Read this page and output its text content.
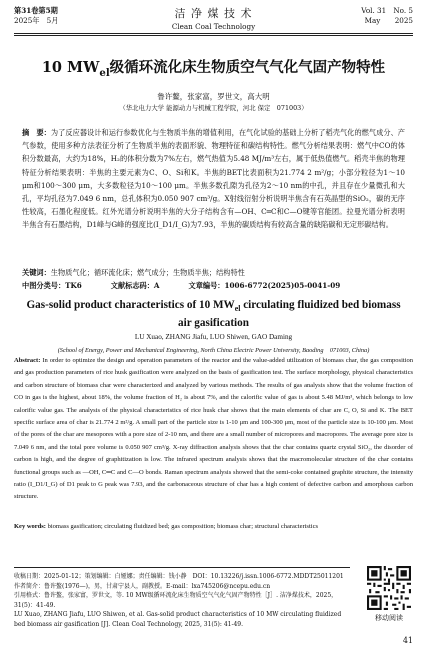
第31卷第5期
2025年　5月
洁 净 煤 技 术
Clean Coal Technology
Vol. 31　No. 5
May　　2025
10 $MW_{el}$级循环流化床生物质空气气化气固产物特性
鲁许鳌，张家富，罗世文，高大明
（华北电力大学 能源动力与机械工程学院，河北 保定　071003）
摘　要：为了反应器设计和运行参数优化与生物质半焦的增值利用，在气化试验的基础上分析了稻壳气化的燃气成分、产气参数，使用多种方法表征分析了生物质半焦的表面形貌、物理特征和碳结构特性。燃气分析结果表明：燃气中CO的体积分数最高，大约为18%，H₂的体积分数为7%左右，燃气热值为5.48 MJ/m³左右，属于低热值燃气。稻壳半焦的物理特征分析结果表明：半焦的主要元素为C、O、Si和K。半焦的BET比表面积为21.774 2 m²/g；小部分粒径为1～10 μm和100～300 μm，大多数粒径为10～100 μm。半焦多数孔隙为孔径为2～10 nm的中孔，并且存在少量微孔和大孔，平均孔径为7.049 6 nm，总孔体积为0.050 907 cm³/g。X射线衍射分析说明半焦含有石英晶型的SiO₂，碳的无序性较高，石墨化程度低。红外光谱分析说明半焦的大分子结构含有—OH、C═C和C—O键等官能团。拉曼光谱分析表明半焦含有石墨结构，D1峰与G峰的强度比(I_D1/I_G)为7.93，半焦的碳质结构有较高含量的缺陷碳和无定形碳结构。
关键词：生物质气化；循环流化床；燃气成分；生物质半焦；结构特性
中图分类号：TK6	文献标志码：A	文章编号：1006-6772(2025)05-0041-09
Gas-solid product characteristics of 10 $MW_{el}$ circulating fluidized bed biomass air gasification
LU Xuao, ZHANG Jiafu, LUO Shiwen, GAO Daming
(School of Energy, Power and Mechanical Engineering, North China Electric Power University, Baoding　071003, China)
Abstract: In order to optimize the design and operation parameters of the reactor and the value-added utilization of biomass char, the gas composition and gas production parameters of rice husk gasification were analyzed on the basis of gasification test. The surface morphology, physical characteristics and carbon structure of biomass char were characterized and analyzed by various methods. The results of gas analysis show that the volume fraction of CO in gas is the highest, about 18%, the volume fraction of H₂ is about 7%, and the calorific value of gas is about 5.48 MJ/m³, which belongs to low calorific value gas. The analysis of the physical characteristics of rice husk char shows that the main elements of char are C, O, Si and K. The BET specific surface area of char is 21.774 2 m²/g. A small part of the particle size is 1-10 μm and 100-300 μm, most of the particle size is 10-100 μm. Most of the pores of the char are mesopores with a pore size of 2-10 nm, and there are a small number of micropores and macropores. The average pore size is 7.049 6 nm, and the total pore volume is 0.050 907 cm³/g. X-ray diffraction analysis shows that the char contains quartz crystal SiO₂, the disorder of carbon is high, and the degree of graphitization is low. The infrared spectrum analysis shows that the macromolecular structure of the char contains functional groups such as —OH, C═C and C—O bonds. Raman spectrum analysis showed that the semi-coke contained graphite structure, the intensity ratio (I_D1/I_G) of D1 peak to G peak was 7.93, and the carbonaceous structure of char has a high content of defective carbon and amorphous carbon structure.
Key words: biomass gasification; circulating fluidized bed; gas composition; biomass char; structural characteristics
收稿日期：2025-01-12；策划编辑：白娅娜；责任编辑：钱小静　DOI：10.13226/j.issn.1006-6772.MDDT25011201
作者简介：鲁许鳌(1976—)，男，甘肃宁县人，副教授。E-mail：lxa745206@ncepu.edu.cn
引用格式：鲁许鳌，张家富，罗世文，等. 10 MW级循环流化床生物质空气气化气固产物特性［J］. 洁净煤技术，2025，31(5)：41-49.
LU Xuao, ZHANG Jiafu, LUO Shiwen, et al. Gas-solid product characteristics of 10 MW circulating fluidized bed biomass air gasification [J]. Clean Coal Technology, 2025, 31(5): 41-49.
移动阅读
41
